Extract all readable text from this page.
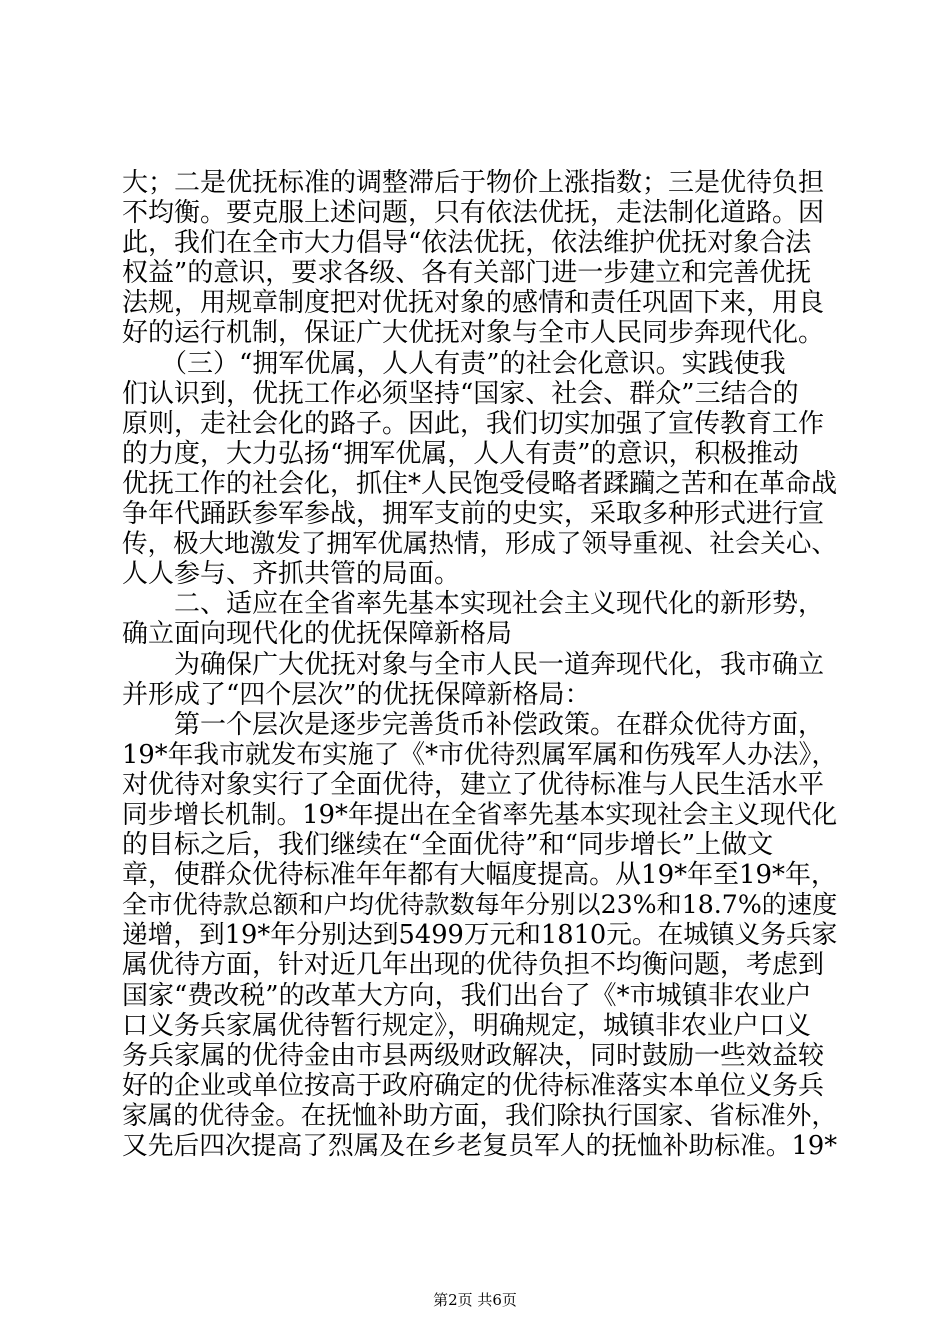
大；二是优抚标准的调整滞后于物价上涨指数；三是优待负担
不均衡。要克服上述问题，只有依法优抚，走法制化道路。因
此，我们在全市大力倡导“依法优抚，依法维护优抚对象合法
权益”的意识，要求各级、各有关部门进一步建立和完善优抚
法规，用规章制度把对优抚对象的感情和责任巩固下来，用良
好的运行机制，保证广大优抚对象与全市人民同步奔现代化。
　　（三）“拥军优属，人人有责”的社会化意识。实践使我
们认识到，优抚工作必须坚持“国家、社会、群众”三结合的
原则，走社会化的路子。因此，我们切实加强了宣传教育工作
的力度，大力弘扬“拥军优属，人人有责”的意识，积极推动
优抚工作的社会化，抓住*人民饱受侵略者蹂躏之苦和在革命战
争年代踊跃参军参战，拥军支前的史实，采取多种形式进行宣
传，极大地激发了拥军优属热情，形成了领导重视、社会关心、
人人参与、齐抓共管的局面。
　　二、适应在全省率先基本实现社会主义现代化的新形势，
确立面向现代化的优抚保障新格局
　　为确保广大优抚对象与全市人民一道奔现代化，我市确立
并形成了“四个层次”的优抚保障新格局：
　　第一个层次是逐步完善货币补偿政策。在群众优待方面，
19*年我市就发布实施了《*市优待烈属军属和伤残军人办法》，
对优待对象实行了全面优待，建立了优待标准与人民生活水平
同步增长机制。19*年提出在全省率先基本实现社会主义现代化
的目标之后，我们继续在“全面优待”和“同步增长”上做文
章，使群众优待标准年年都有大幅度提高。从19*年至19*年，
全市优待款总额和户均优待款数每年分别以23%和18.7%的速度
递增，到19*年分别达到5499万元和1810元。在城镇义务兵家
属优待方面，针对近几年出现的优待负担不均衡问题，考虑到
国家“费改税”的改革大方向，我们出台了《*市城镇非农业户
口义务兵家属优待暂行规定》，明确规定，城镇非农业户口义
务兵家属的优待金由市县两级财政解决，同时鼓励一些效益较
好的企业或单位按高于政府确定的优待标准落实本单位义务兵
家属的优待金。在抚恤补助方面，我们除执行国家、省标准外，
又先后四次提高了烈属及在乡老复员军人的抚恤补助标准。19*
第2页 共6页
